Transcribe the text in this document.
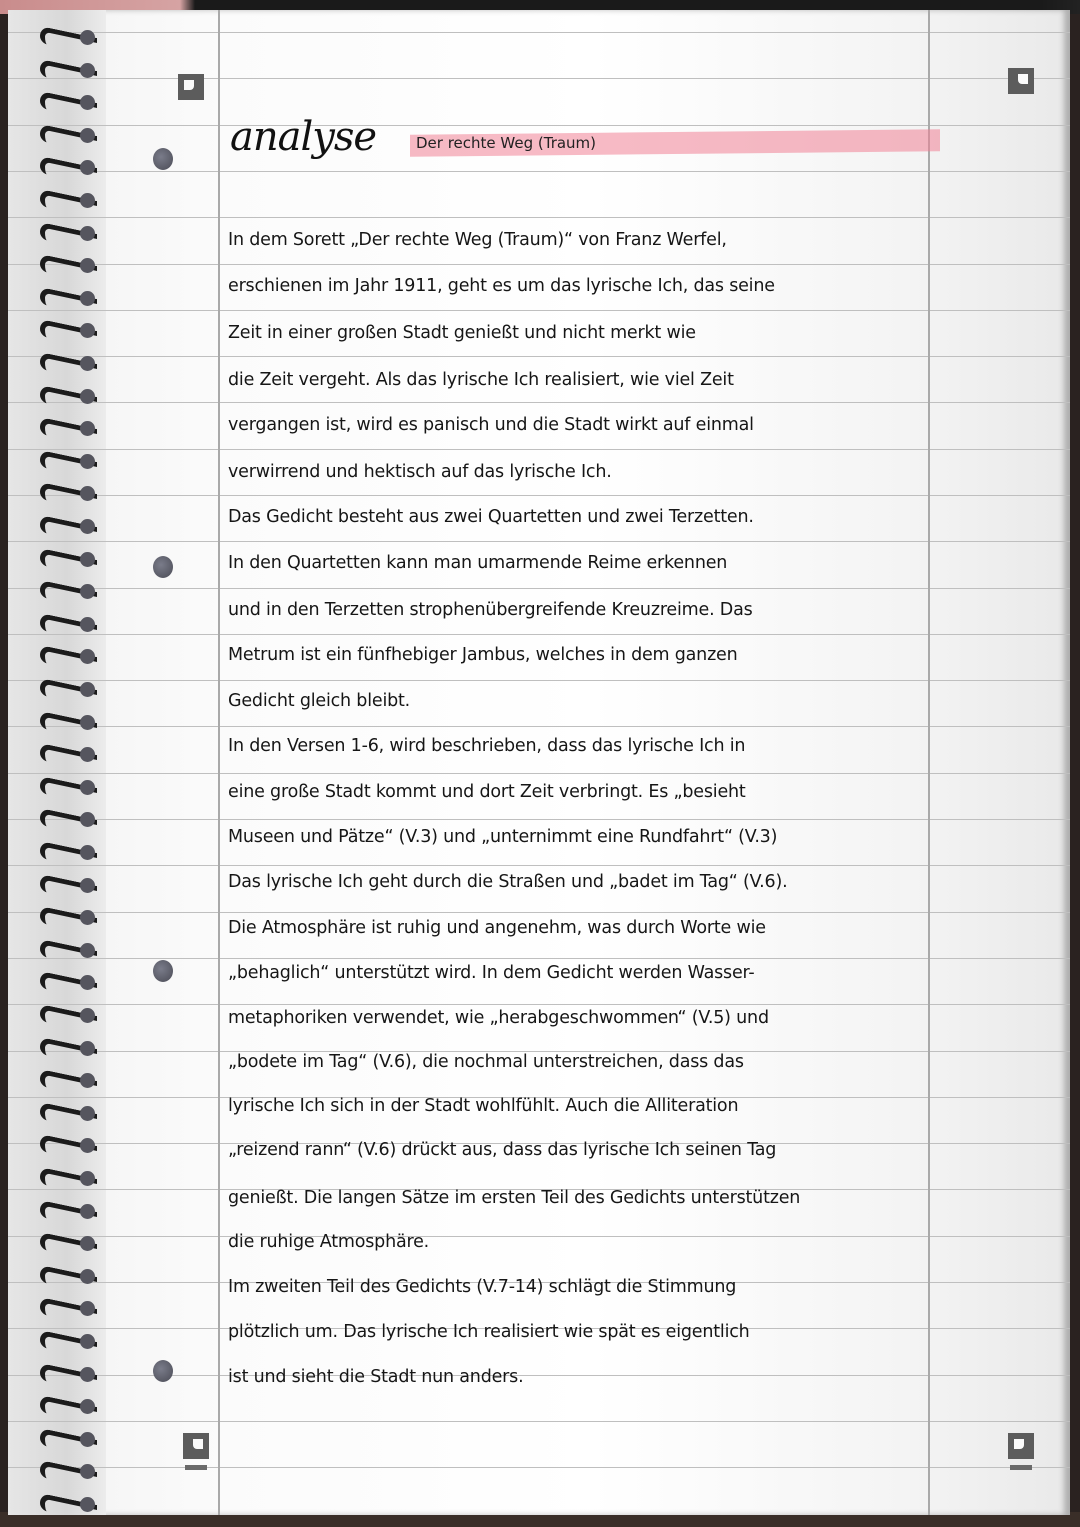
analyse	Der rechte Weg (Traum)
In dem Sorett „Der rechte Weg (Traum)“ von Franz Werfel,
erschienen im Jahr 1911, geht es um das lyrische Ich, das seine
Zeit in einer großen Stadt genießt und nicht merkt wie
die Zeit vergeht. Als das lyrische Ich realisiert, wie viel Zeit
vergangen ist, wird es panisch und die Stadt wirkt auf einmal
verwirrend und hektisch auf das lyrische Ich.
Das Gedicht besteht aus zwei Quartetten und zwei Terzetten.
In den Quartetten kann man umarmende Reime erkennen
und in den Terzetten strophenübergreifende Kreuzreime. Das
Metrum ist ein fünfhebiger Jambus, welches in dem ganzen
Gedicht gleich bleibt.
In den Versen 1-6, wird beschrieben, dass das lyrische Ich in
eine große Stadt kommt und dort Zeit verbringt. Es „besieht
Museen und Pätze“ (V.3) und „unternimmt eine Rundfahrt“ (V.3)
Das lyrische Ich geht durch die Straßen und „badet im Tag“ (V.6).
Die Atmosphäre ist ruhig und angenehm, was durch Worte wie
„behaglich“ unterstützt wird. In dem Gedicht werden Wasser-
metaphoriken verwendet, wie „herabgeschwommen“ (V.5) und
„bodete im Tag“ (V.6), die nochmal unterstreichen, dass das
lyrische Ich sich in der Stadt wohlfühlt. Auch die Alliteration
„reizend rann“ (V.6) drückt aus, dass das lyrische Ich seinen Tag
genießt. Die langen Sätze im ersten Teil des Gedichts unterstützen
die ruhige Atmosphäre.
Im zweiten Teil des Gedichts (V.7-14) schlägt die Stimmung
plötzlich um. Das lyrische Ich realisiert wie spät es eigentlich
ist und sieht die Stadt nun anders.
